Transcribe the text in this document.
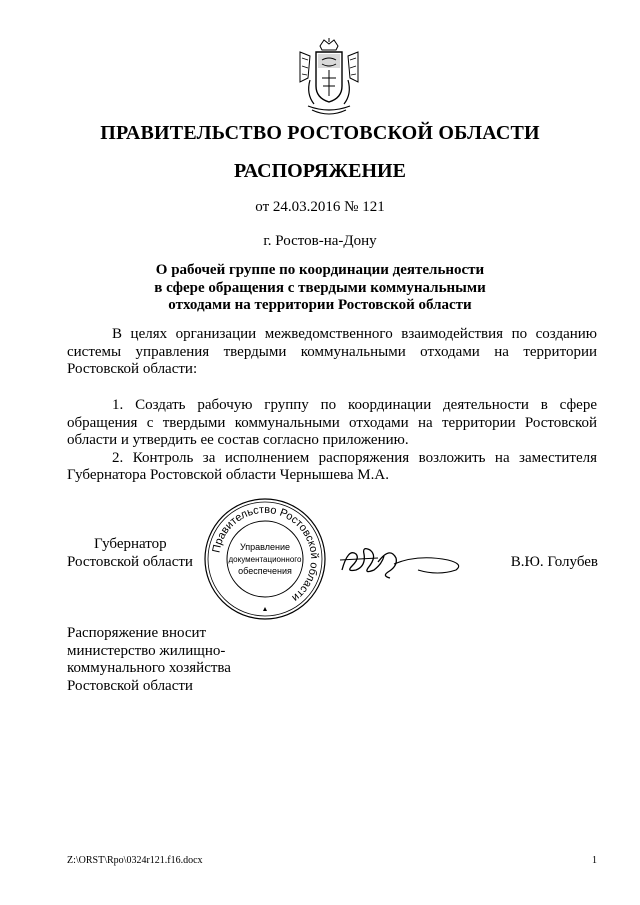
ПРАВИТЕЛЬСТВО РОСТОВСКОЙ ОБЛАСТИ
РАСПОРЯЖЕНИЕ
от 24.03.2016 № 121
г. Ростов-на-Дону
О рабочей группе по координации деятельности
в сфере обращения с твердыми коммунальными
отходами на территории Ростовской области

В целях организации межведомственного взаимодействия по созданию системы управления твердыми коммунальными отходами на территории Ростовской области:

1. Создать рабочую группу по координации деятельности в сфере обращения с твердыми коммунальными отходами на территории Ростовской области и утвердить ее состав согласно приложению.

2. Контроль за исполнением распоряжения возложить на заместителя Губернатора Ростовской области Чернышева М.А.

Губернатор
Ростовской области
Правительство Ростовской области
Управление
документационного
обеспечения
В.Ю. Голубев
Распоряжение вносит
министерство жилищно-
коммунального хозяйства
Ростовской области
Z:\ORST\Rpo\0324r121.f16.docx	1
